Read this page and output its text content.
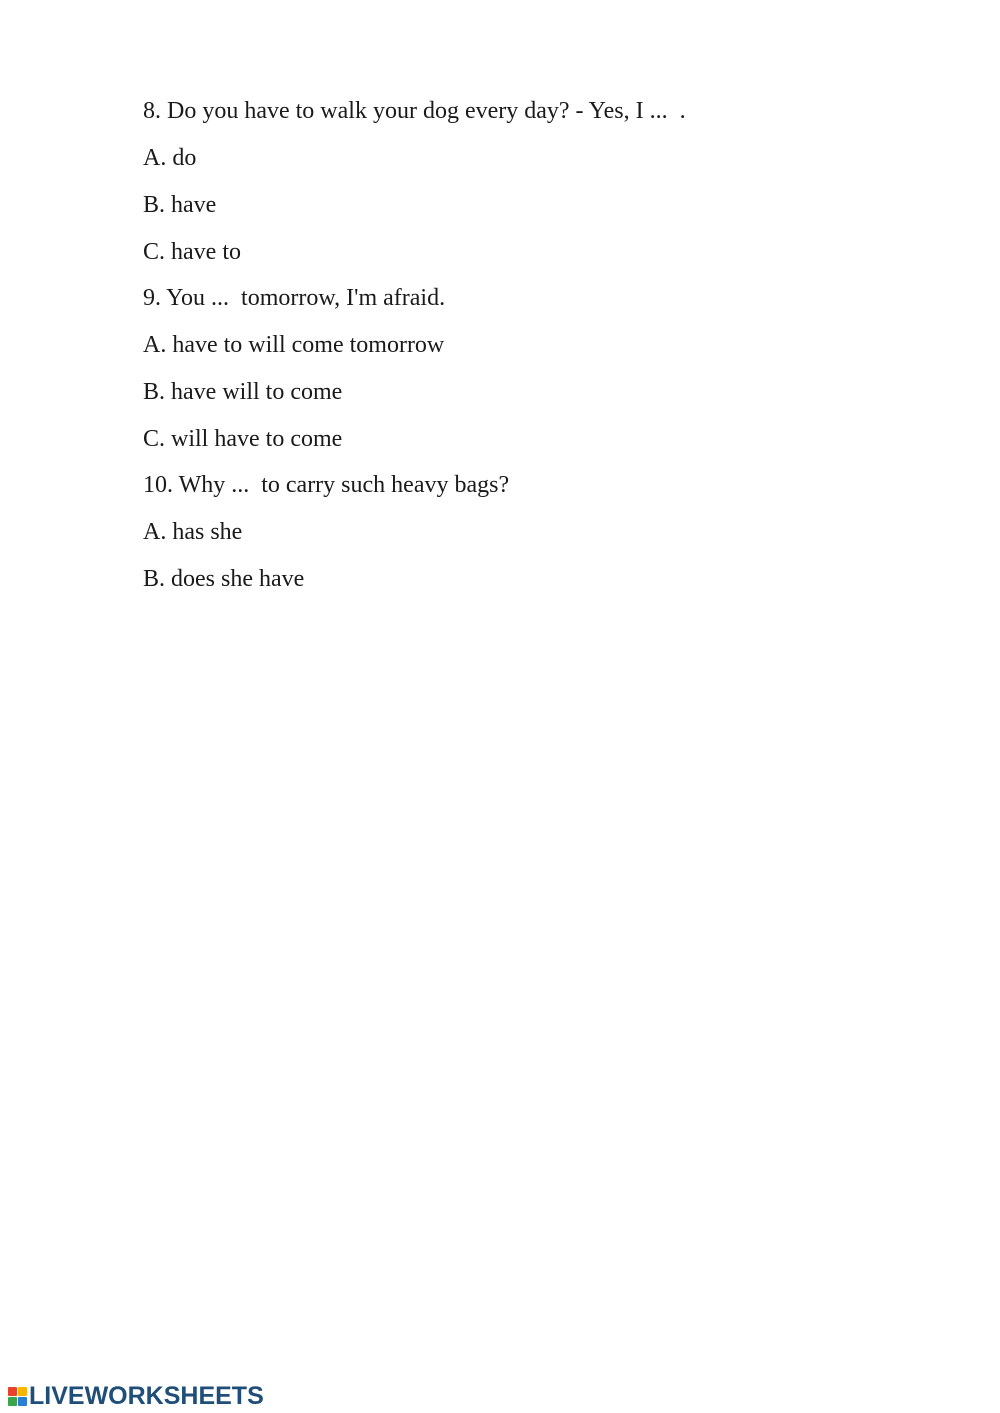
8. Do you have to walk your dog every day? - Yes, I ...  .
A. do
B. have
C. have to
9. You ...  tomorrow, I'm afraid.
A. have to will come tomorrow
B. have will to come
C. will have to come
10. Why ...  to carry such heavy bags?
A. has she
B. does she have
LIVEWORKSHEETS
